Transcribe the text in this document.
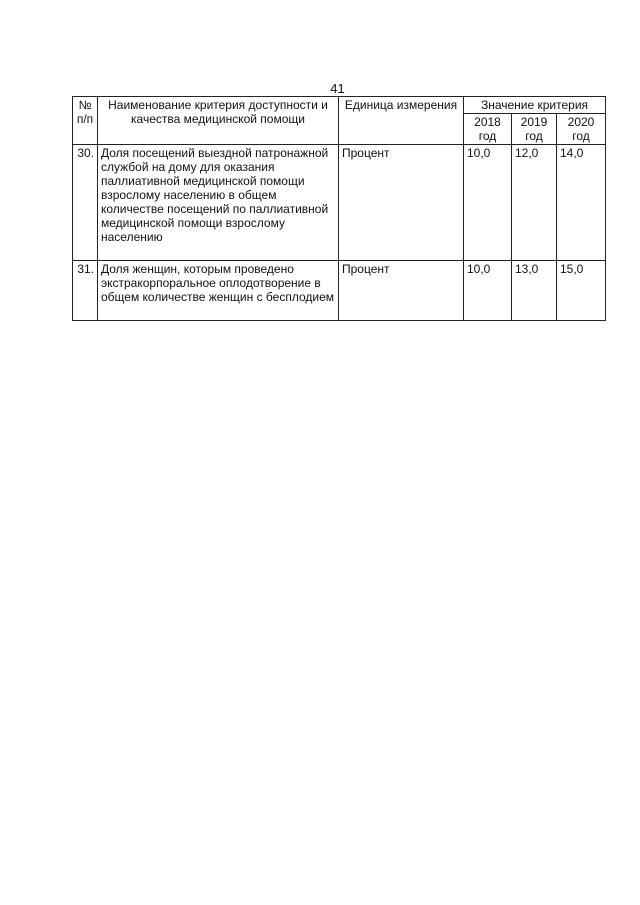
41
№ п/п	Наименование критерия доступности и качества медицинской помощи	Единица измерения	Значение критерия		
			2018 год	2019 год	2020 год
30.	Доля посещений выездной патронажной службой на дому для оказания паллиативной медицинской помощи взрослому населению в общем количестве посещений по паллиативной медицинской помощи взрослому населению	Процент	10,0	12,0	14,0
31.	Доля женщин, которым проведено экстракорпоральное оплодотворение в общем количестве женщин с бесплодием	Процент	10,0	13,0	15,0
